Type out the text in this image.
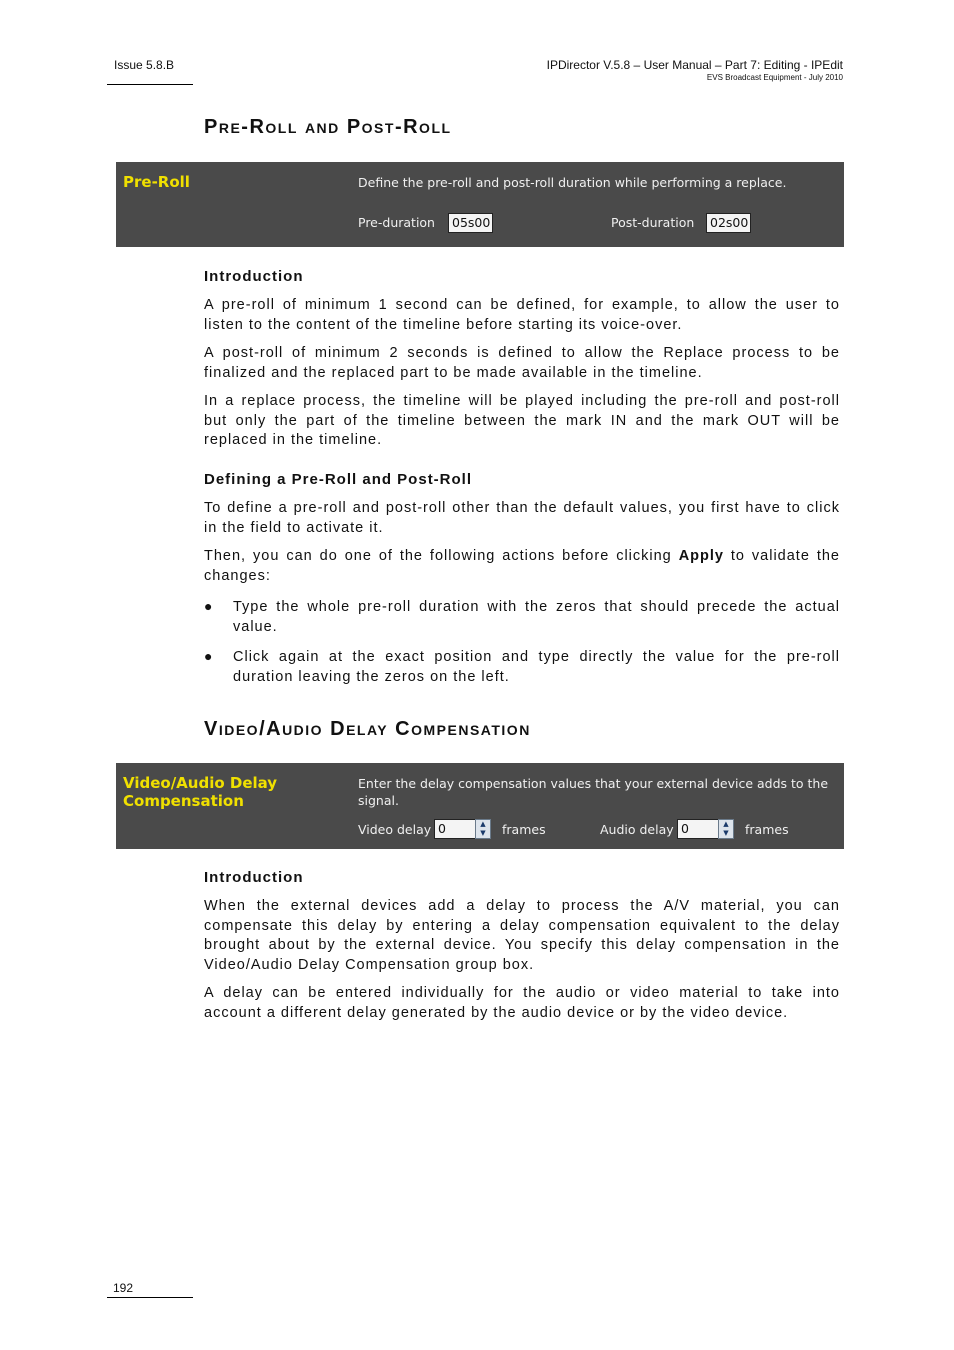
Issue 5.8.B	IPDirector V.5.8 – User Manual – Part 7: Editing - IPEdit
EVS Broadcast Equipment - July 2010
Pre-Roll and Post-Roll
Pre-Roll	Define the pre-roll and post-roll duration while performing a replace.
Pre-duration	05s00	Post-duration	02s00
Introduction
A pre-roll of minimum 1 second can be defined, for example, to allow the user to listen to the content of the timeline before starting its voice-over.
A post-roll of minimum 2 seconds is defined to allow the Replace process to be finalized and the replaced part to be made available in the timeline.
In a replace process, the timeline will be played including the pre-roll and post-roll but only the part of the timeline between the mark IN and the mark OUT will be replaced in the timeline.
Defining a Pre-Roll and Post-Roll
To define a pre-roll and post-roll other than the default values, you first have to click in the field to activate it.
Then, you can do one of the following actions before clicking Apply to validate the changes:
● Type the whole pre-roll duration with the zeros that should precede the actual value.
● Click again at the exact position and type directly the value for the pre-roll duration leaving the zeros on the left.
Video/Audio Delay Compensation
Video/Audio Delay
Compensation
Enter the delay compensation values that your external device adds to the
signal.
Video delay 0	▲
▼	frames	Audio delay 0	▲
▼	frames
Introduction
When the external devices add a delay to process the A/V material, you can compensate this delay by entering a delay compensation equivalent to the delay brought about by the external device. You specify this delay compensation in the Video/Audio Delay Compensation group box.
A delay can be entered individually for the audio or video material to take into account a different delay generated by the audio device or by the video device.
192
